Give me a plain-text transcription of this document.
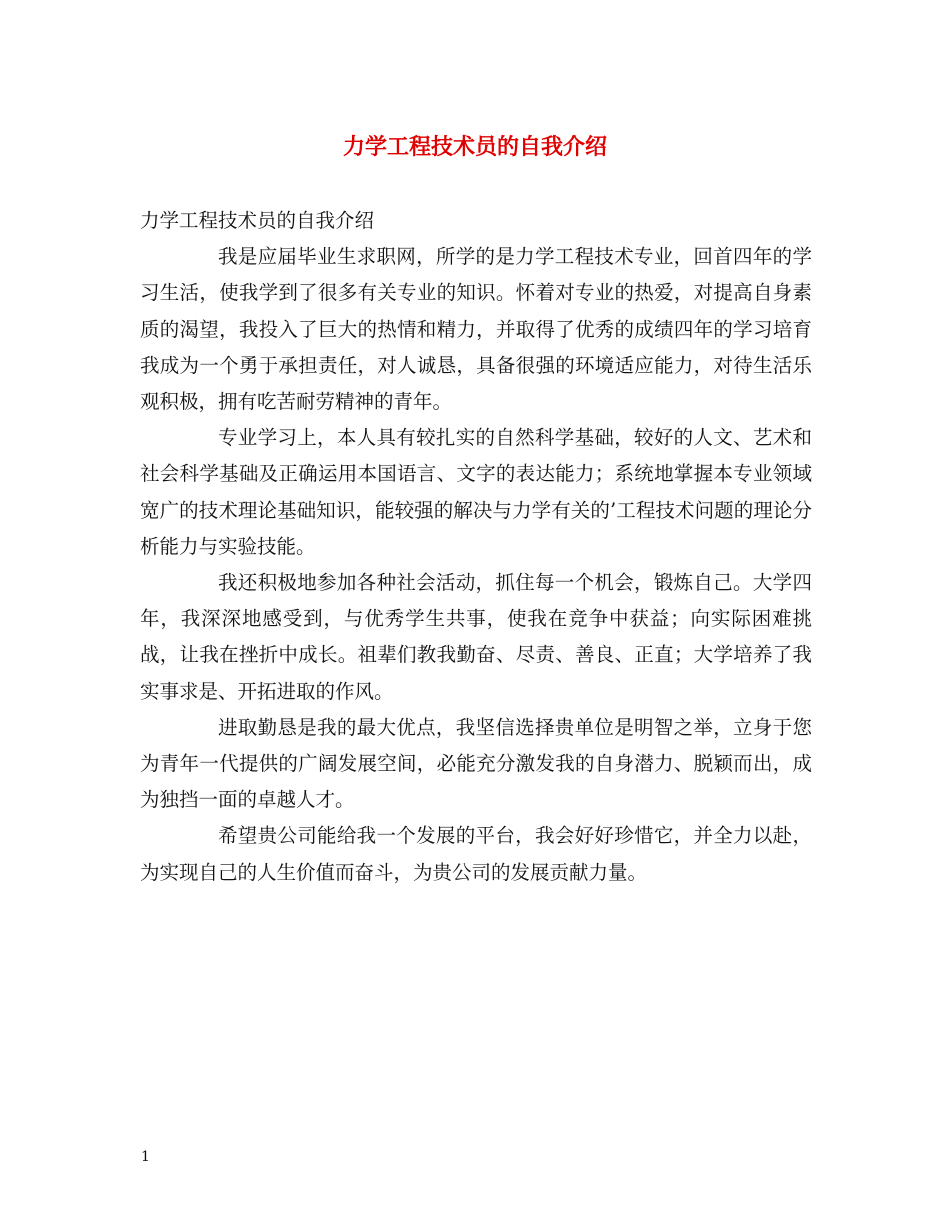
力学工程技术员的自我介绍

力学工程技术员的自我介绍

我是应届毕业生求职网，所学的是力学工程技术专业，回首四年的学习生活，使我学到了很多有关专业的知识。怀着对专业的热爱，对提高自身素质的渴望，我投入了巨大的热情和精力，并取得了优秀的成绩四年的学习培育我成为一个勇于承担责任，对人诚恳，具备很强的环境适应能力，对待生活乐观积极，拥有吃苦耐劳精神的青年。

专业学习上，本人具有较扎实的自然科学基础，较好的人文、艺术和社会科学基础及正确运用本国语言、文字的表达能力；系统地掌握本专业领域宽广的技术理论基础知识，能较强的解决与力学有关的’工程技术问题的理论分析能力与实验技能。

我还积极地参加各种社会活动，抓住每一个机会，锻炼自己。大学四年，我深深地感受到，与优秀学生共事，使我在竞争中获益；向实际困难挑战，让我在挫折中成长。祖辈们教我勤奋、尽责、善良、正直；大学培养了我实事求是、开拓进取的作风。

进取勤恳是我的最大优点，我坚信选择贵单位是明智之举，立身于您为青年一代提供的广阔发展空间，必能充分激发我的自身潜力、脱颖而出，成为独挡一面的卓越人才。

希望贵公司能给我一个发展的平台，我会好好珍惜它，并全力以赴，为实现自己的人生价值而奋斗，为贵公司的发展贡献力量。

1
